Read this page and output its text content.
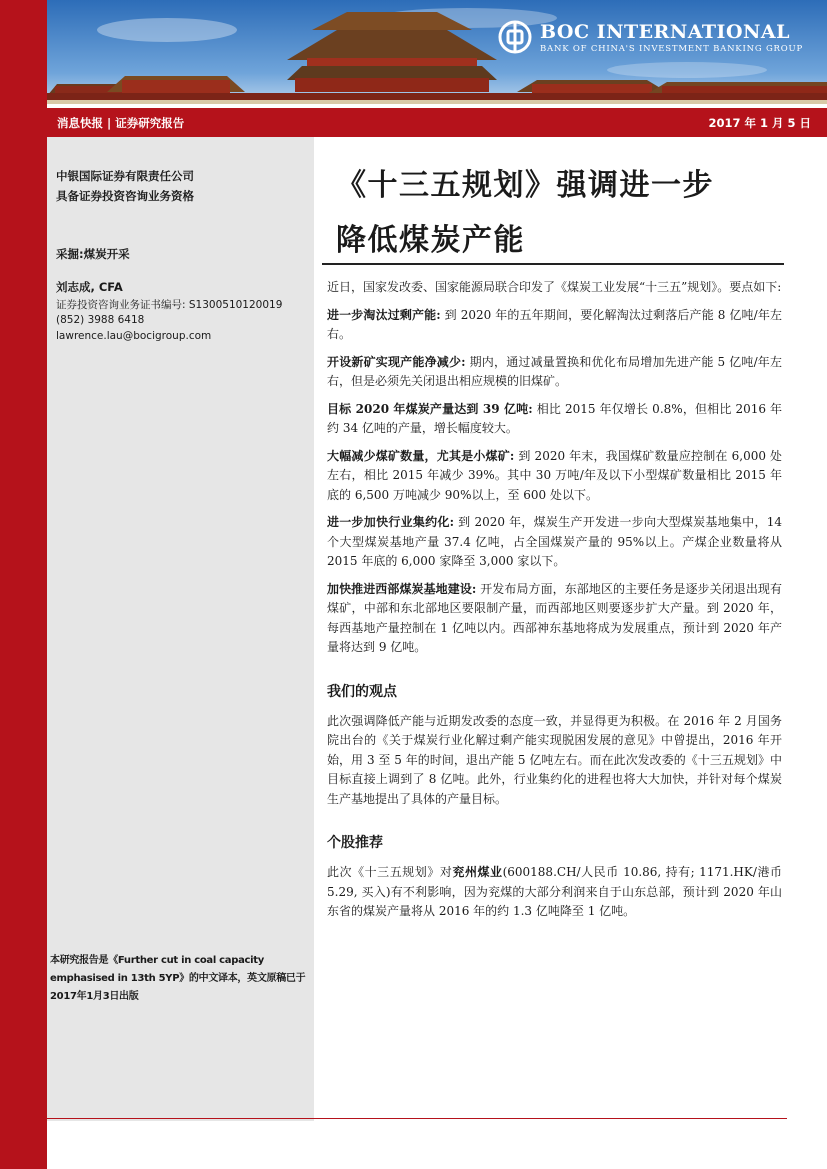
BOC INTERNATIONAL
BANK OF CHINA'S INVESTMENT BANKING GROUP
消息快报 | 证券研究报告	2017 年 1 月 5 日
中银国际证券有限责任公司
具备证券投资咨询业务资格
采掘:煤炭开采
刘志成, CFA
证券投资咨询业务证书编号: S1300510120019
(852) 3988 6418
lawrence.lau@bocigroup.com
本研究报告是《Further cut in coal capacity emphasised in 13th 5YP》的中文译本，英文原稿已于2017年1月3日出版
《十三五规划》强调进一步
降低煤炭产能
近日，国家发改委、国家能源局联合印发了《煤炭工业发展“十三五”规划》。要点如下:
进一步淘汰过剩产能: 到 2020 年的五年期间，要化解淘汰过剩落后产能 8 亿吨/年左右。
开设新矿实现产能净减少: 期内，通过减量置换和优化布局增加先进产能 5 亿吨/年左右，但是必须先关闭退出相应规模的旧煤矿。
目标 2020 年煤炭产量达到 39 亿吨: 相比 2015 年仅增长 0.8%，但相比 2016 年约 34 亿吨的产量，增长幅度较大。
大幅减少煤矿数量，尤其是小煤矿: 到 2020 年末，我国煤矿数量应控制在 6,000 处左右，相比 2015 年减少 39%。其中 30 万吨/年及以下小型煤矿数量相比 2015 年底的 6,500 万吨减少 90%以上，至 600 处以下。
进一步加快行业集约化: 到 2020 年，煤炭生产开发进一步向大型煤炭基地集中，14 个大型煤炭基地产量 37.4 亿吨，占全国煤炭产量的 95%以上。产煤企业数量将从 2015 年底的 6,000 家降至 3,000 家以下。
加快推进西部煤炭基地建设: 开发布局方面，东部地区的主要任务是逐步关闭退出现有煤矿，中部和东北部地区要限制产量，而西部地区则要逐步扩大产量。到 2020 年，每西基地产量控制在 1 亿吨以内。西部神东基地将成为发展重点，预计到 2020 年产量将达到 9 亿吨。
我们的观点
此次强调降低产能与近期发改委的态度一致，并显得更为积极。在 2016 年 2 月国务院出台的《关于煤炭行业化解过剩产能实现脱困发展的意见》中曾提出，2016 年开始，用 3 至 5 年的时间，退出产能 5 亿吨左右。而在此次发改委的《十三五规划》中目标直接上调到了 8 亿吨。此外，行业集约化的进程也将大大加快，并针对每个煤炭生产基地提出了具体的产量目标。
个股推荐
此次《十三五规划》对兖州煤业(600188.CH/人民币 10.86, 持有; 1171.HK/港币 5.29, 买入)有不利影响，因为兖煤的大部分利润来自于山东总部，预计到 2020 年山东省的煤炭产量将从 2016 年的约 1.3 亿吨降至 1 亿吨。
